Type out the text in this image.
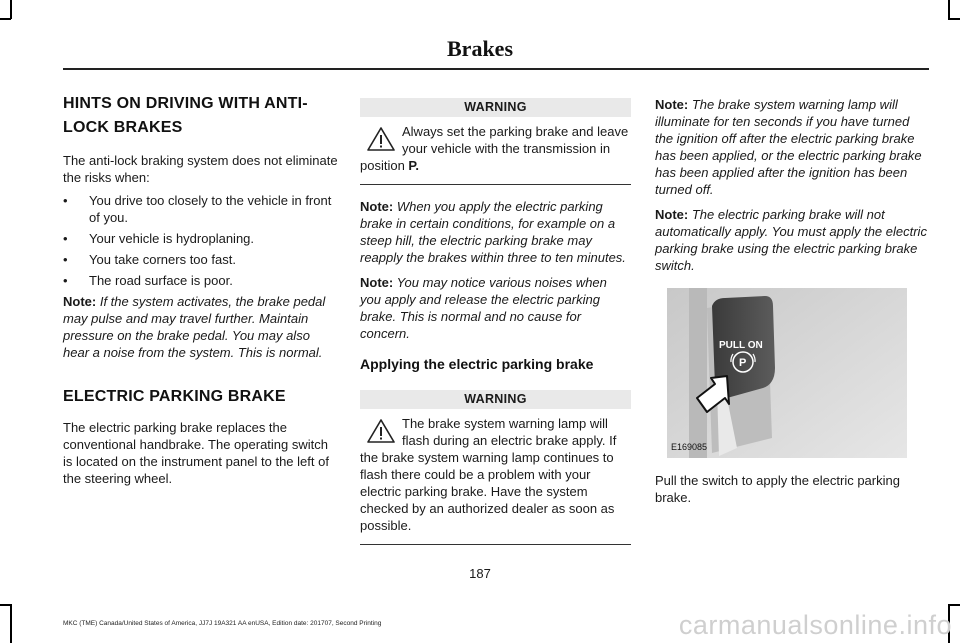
Brakes
HINTS ON DRIVING WITH ANTI-
LOCK BRAKES

The anti-lock braking system does not eliminate the risks when:

• You drive too closely to the vehicle in front of you.
• Your vehicle is hydroplaning.
• You take corners too fast.
• The road surface is poor.

Note: If the system activates, the brake pedal may pulse and may travel further. Maintain pressure on the brake pedal. You may also hear a noise from the system. This is normal.

ELECTRIC PARKING BRAKE

The electric parking brake replaces the conventional handbrake. The operating switch is located on the instrument panel to the left of the steering wheel.

WARNING
Always set the parking brake and leave your vehicle with the transmission in position P.

Note: When you apply the electric parking brake in certain conditions, for example on a steep hill, the electric parking brake may reapply the brakes within three to ten minutes.

Note: You may notice various noises when you apply and release the electric parking brake. This is normal and no cause for concern.

Applying the electric parking brake
WARNING
The brake system warning lamp will flash during an electric brake apply. If the brake system warning lamp continues to flash there could be a problem with your electric parking brake. Have the system checked by an authorized dealer as soon as possible.

Note: The brake system warning lamp will illuminate for ten seconds if you have turned the ignition off after the electric parking brake has been applied, or the electric parking brake has been applied after the ignition has been turned off.

Note: The electric parking brake will not automatically apply. You must apply the electric parking brake using the electric parking brake switch.

PULL ON
P
E169085

Pull the switch to apply the electric parking brake.

187
MKC (TME) Canada/United States of America, JJ7J 19A321 AA enUSA, Edition date: 201707, Second Printing	carmanualsonline.info
